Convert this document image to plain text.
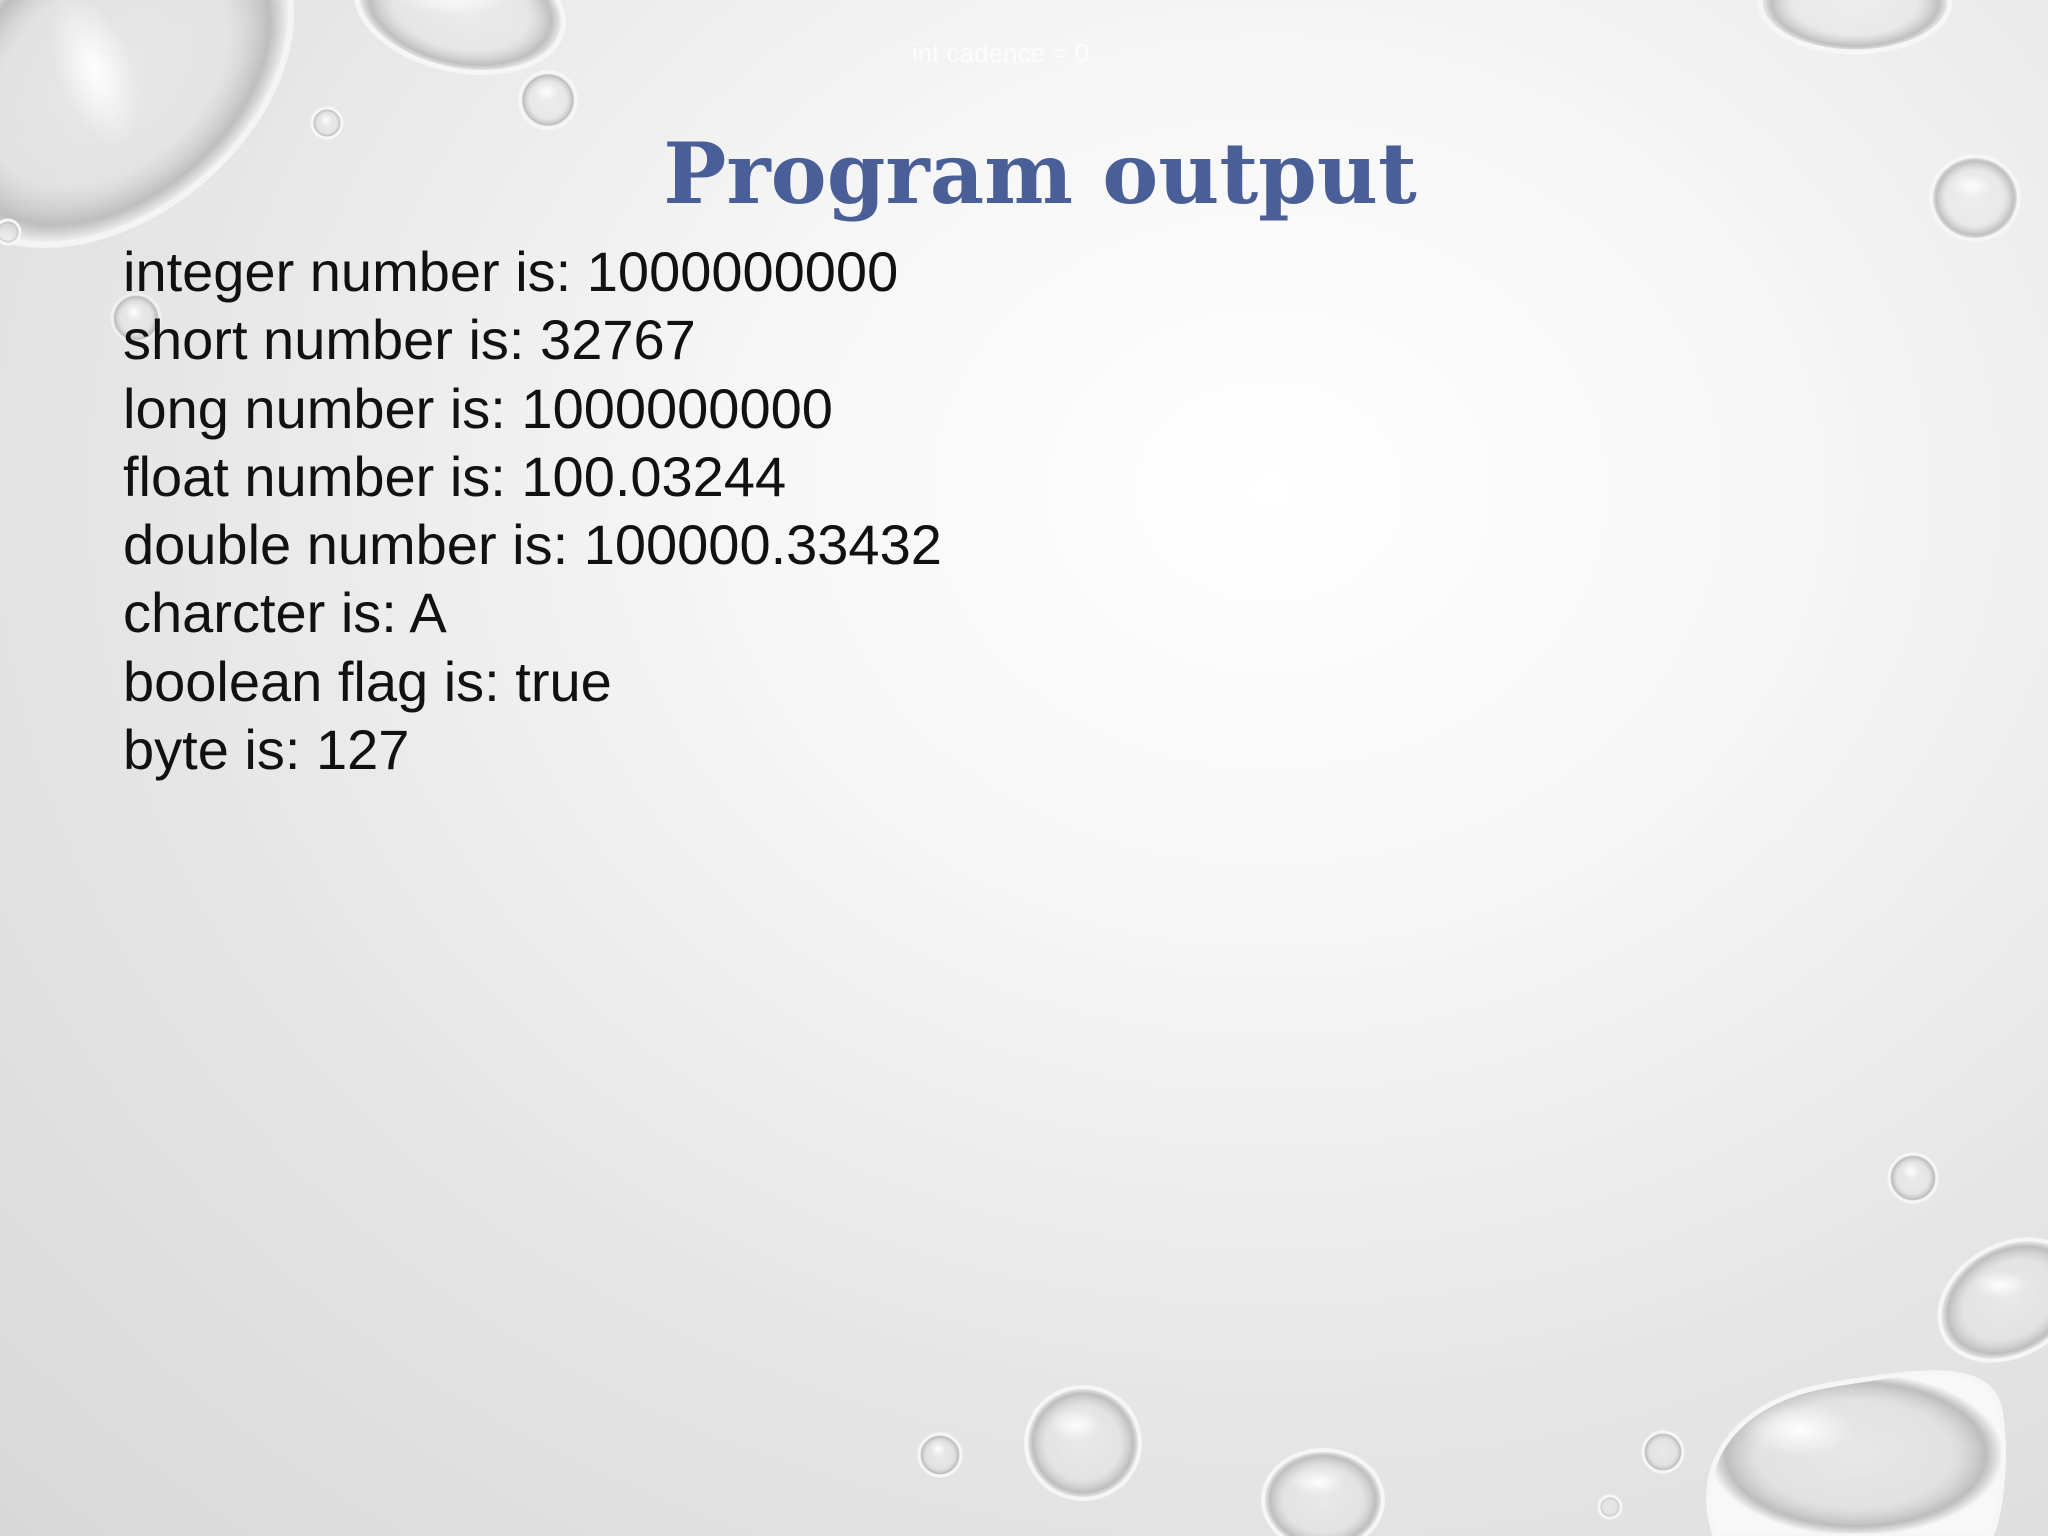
int cadence = 0
Program output
integer number is: 1000000000
short number is: 32767
long number is: 1000000000
float number is: 100.03244
double number is: 100000.33432
charcter is: A
boolean flag is: true
byte is: 127
